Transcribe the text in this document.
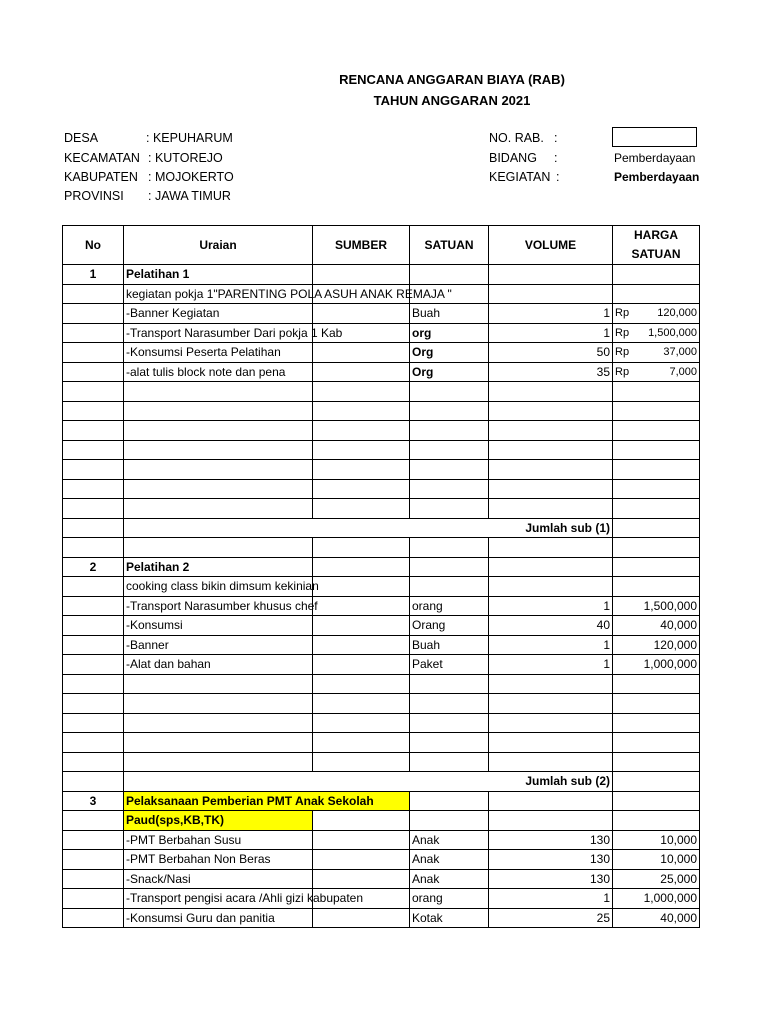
RENCANA ANGGARAN BIAYA (RAB)
TAHUN ANGGARAN 2021
DESA	: KEPUHARUM
KECAMATAN : KUTOREJO
KABUPATEN : MOJOKERTO
PROVINSI : JAWA TIMUR
NO. RAB. :
BIDANG :	Pemberdayaan
KEGIATAN :	Pemberdayaan
No	Uraian	SUMBER	SATUAN	VOLUME	HARGA
SATUAN
1	Pelatihan 1				
	kegiatan pokja 1"PARENTING POLA ASUH ANAK REMAJA "				
	-Banner Kegiatan		Buah	1	Rp 120,000

	-Transport Narasumber Dari pokja 1 Kab		org	1	Rp 1,500,000

	-Konsumsi Peserta Pelatihan		Org	50	Rp 37,000

	-alat tulis block note dan pena		Org	35	Rp 7,000

	Jumlah sub (1)				

2	Pelatihan 2				
	cooking class bikin dimsum kekinian				
	-Transport Narasumber khusus chef		orang	1	1,500,000
	-Konsumsi		Orang	40	40,000
	-Banner		Buah	1	120,000
	-Alat dan bahan		Paket	1	1,000,000

	Jumlah sub (2)				
3	Pelaksanaan Pemberian PMT Anak Sekolah				
	Paud(sps,KB,TK)				
	-PMT Berbahan Susu		Anak	130	10,000
	-PMT Berbahan Non Beras		Anak	130	10,000
	-Snack/Nasi		Anak	130	25,000
	-Transport pengisi acara /Ahli gizi kabupaten		orang	1	1,000,000
	-Konsumsi Guru dan panitia		Kotak	25	40,000
